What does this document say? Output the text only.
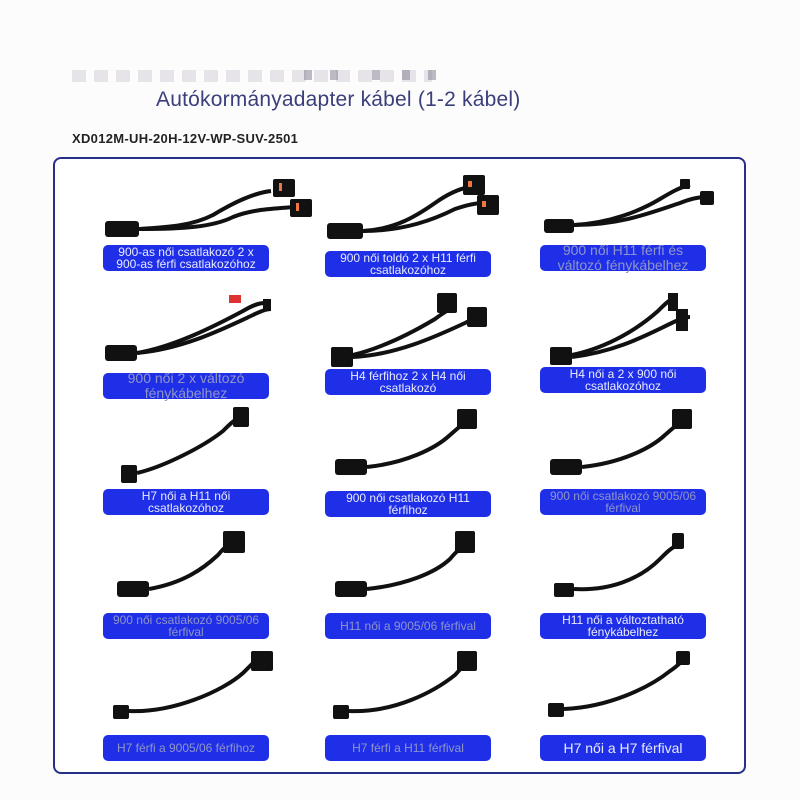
Autókormányadapter kábel (1-2 kábel)
XD012M-UH-20H-12V-WP-SUV-2501
900-as női csatlakozó 2 x 900-as férfi csatlakozóhoz	900 női toldó 2 x H11 férfi csatlakozóhoz
900 női H11 férfi és változó fénykábelhez
900 női 2 x változó fénykábelhez
H4 férfihoz 2 x H4 női csatlakozó
H4 női a 2 x 900 női csatlakozóhoz
H7 női a H11 női csatlakozóhoz
900 női csatlakozó H11 férfihoz
900 női csatlakozó 9005/06 férfival
900 női csatlakozó 9005/06 férfival	H11 női a 9005/06 férfival	H11 női a változtatható fénykábelhez
H7 férfi a 9005/06 férfihoz	H7 férfi a H11 férfival	H7 női a H7 férfival
